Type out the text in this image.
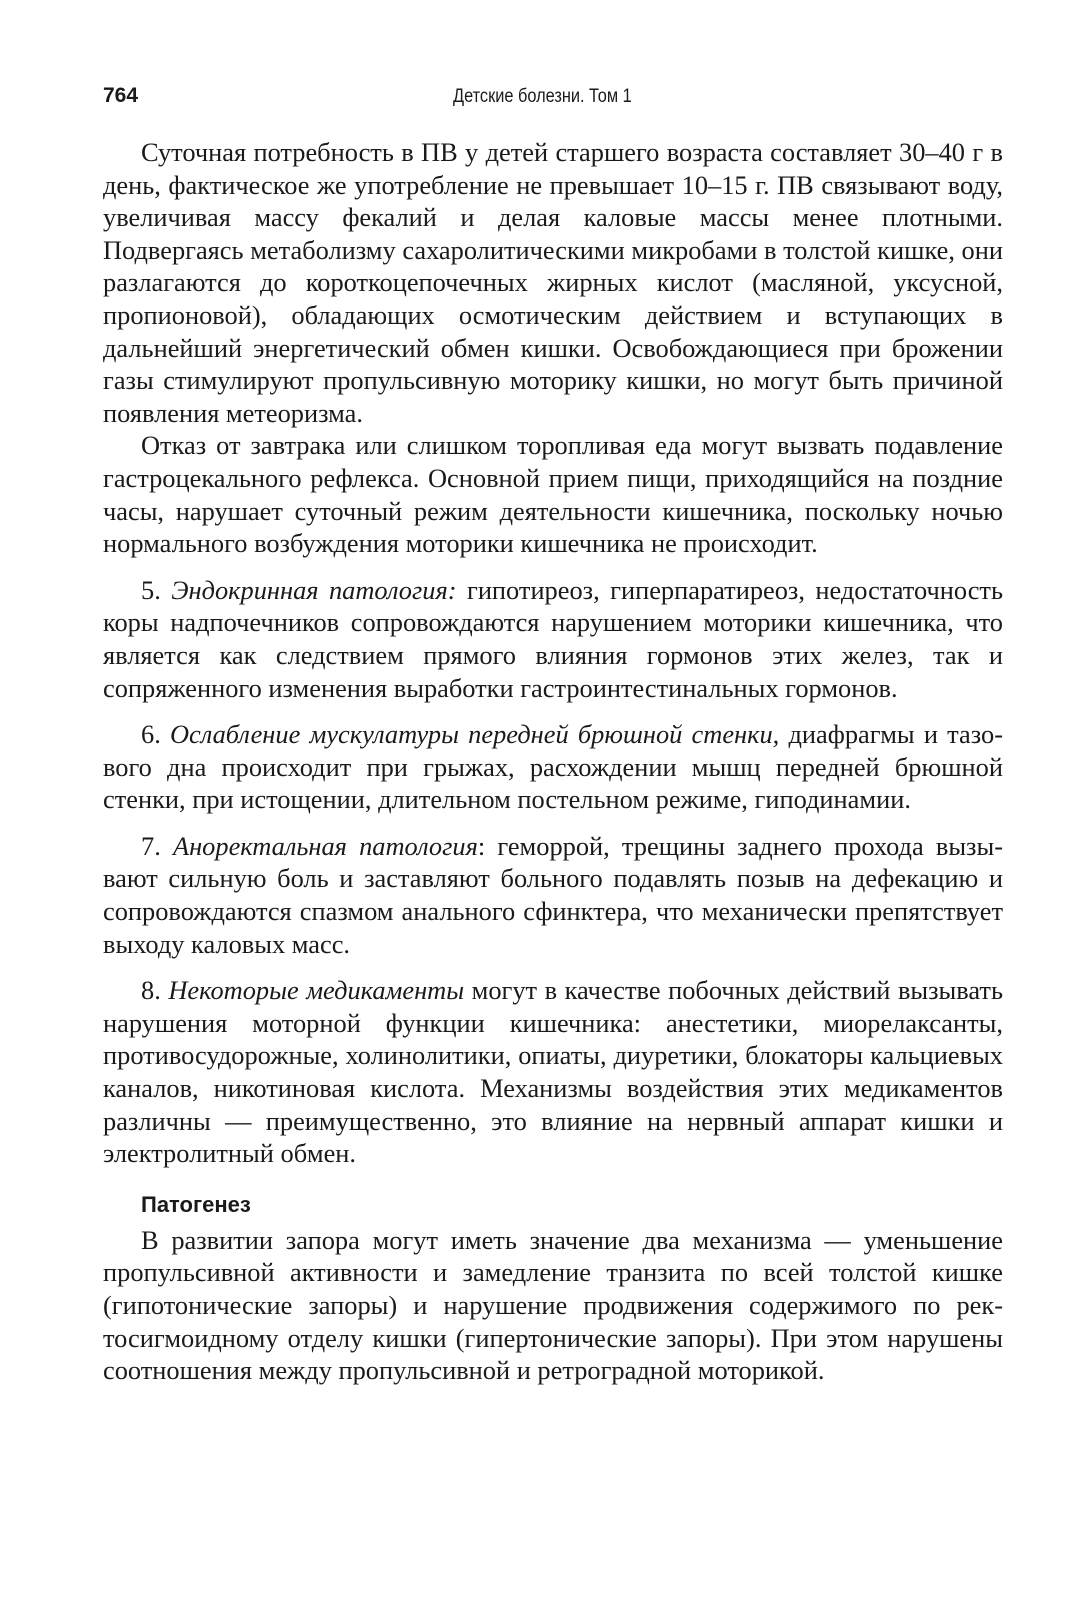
764	Детские болезни. Том 1

Суточная потребность в ПВ у детей старшего возраста составляет 30–40 г в день, фактическое же употребление не превышает 10–15 г. ПВ связывают воду, увеличивая массу фекалий и делая каловые массы менее плотными. Подвергаясь метаболизму сахаролитическими микробами в толстой кишке, они разлагаются до короткоцепочечных жирных кислот (масляной, уксусной, пропионовой), обладающих осмотическим действием и вступающих в дальнейший энергетический обмен кишки. Освобождающиеся при брожении газы стимулируют пропульсивную моторику кишки, но могут быть причиной появления метеоризма.

Отказ от завтрака или слишком торопливая еда могут вызвать подавление гастроцекального рефлекса. Основной прием пищи, приходящийся на поздние часы, нарушает суточный режим деятельности кишечника, поскольку ночью нормального возбуждения моторики кишечника не происходит.

5. Эндокринная патология: гипотиреоз, гиперпаратиреоз, недостаточность коры надпочечников сопровождаются нарушением моторики кишечника, что является как следствием прямого влияния гормонов этих желез, так и сопряженного изменения выработки гастроинтестинальных гормонов.

6. Ослабление мускулатуры передней брюшной стенки, диафрагмы и тазового дна происходит при грыжах, расхождении мышц передней брюшной стенки, при истощении, длительном постельном режиме, гиподинамии.

7. Аноректальная патология: геморрой, трещины заднего прохода вызывают сильную боль и заставляют больного подавлять позыв на дефекацию и сопровождаются спазмом анального сфинктера, что механически препятствует выходу каловых масс.

8. Некоторые медикаменты могут в качестве побочных действий вызывать нарушения моторной функции кишечника: анестетики, миорелаксанты, противосудорожные, холинолитики, опиаты, диуретики, блокаторы кальциевых каналов, никотиновая кислота. Механизмы воздействия этих медикаментов различны — преимущественно, это влияние на нервный аппарат кишки и электролитный обмен.

Патогенез

В развитии запора могут иметь значение два механизма — уменьшение пропульсивной активности и замедление транзита по всей толстой кишке (гипотонические запоры) и нарушение продвижения содержимого по ректосигмоидному отделу кишки (гипертонические запоры). При этом нарушены соотношения между пропульсивной и ретроградной моторикой.
